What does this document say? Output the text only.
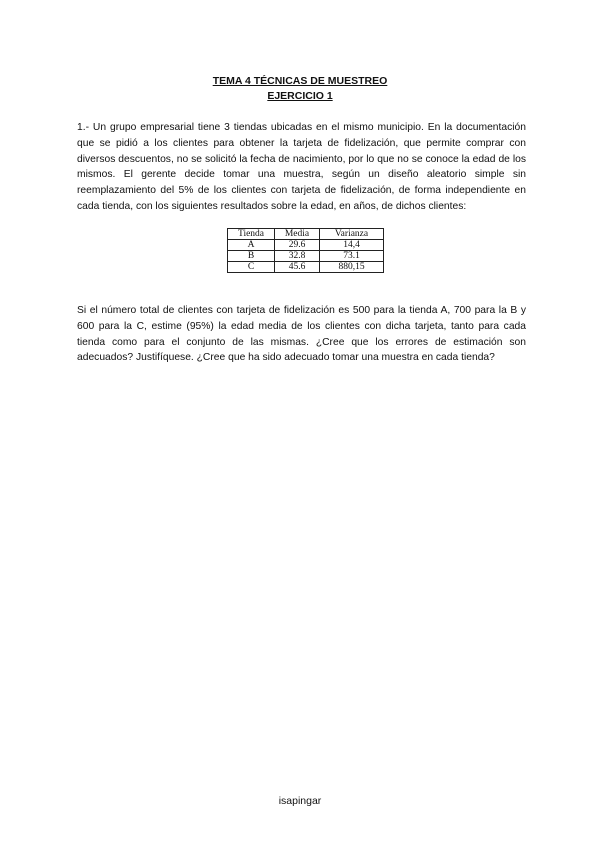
TEMA 4 TÉCNICAS DE MUESTREO
EJERCICIO 1

1.- Un grupo empresarial tiene 3 tiendas ubicadas en el mismo municipio. En la documentación que se pidió a los clientes para obtener la tarjeta de fidelización, que permite comprar con diversos descuentos, no se solicitó la fecha de nacimiento, por lo que no se conoce la edad de los mismos. El gerente decide tomar una muestra, según un diseño aleatorio simple sin reemplazamiento del 5% de los clientes con tarjeta de fidelización, de forma independiente en cada tienda, con los siguientes resultados sobre la edad, en años, de dichos clientes:

Tienda	Media	Varianza
A	29.6	14,4
B	32.8	73.1
C	45.6	880,15

Si el número total de clientes con tarjeta de fidelización es 500 para la tienda A, 700 para la B y 600 para la C, estime (95%) la edad media de los clientes con dicha tarjeta, tanto para cada tienda como para el conjunto de las mismas. ¿Cree que los errores de estimación son adecuados? Justifíquese. ¿Cree que ha sido adecuado tomar una muestra en cada tienda?

isapingar
